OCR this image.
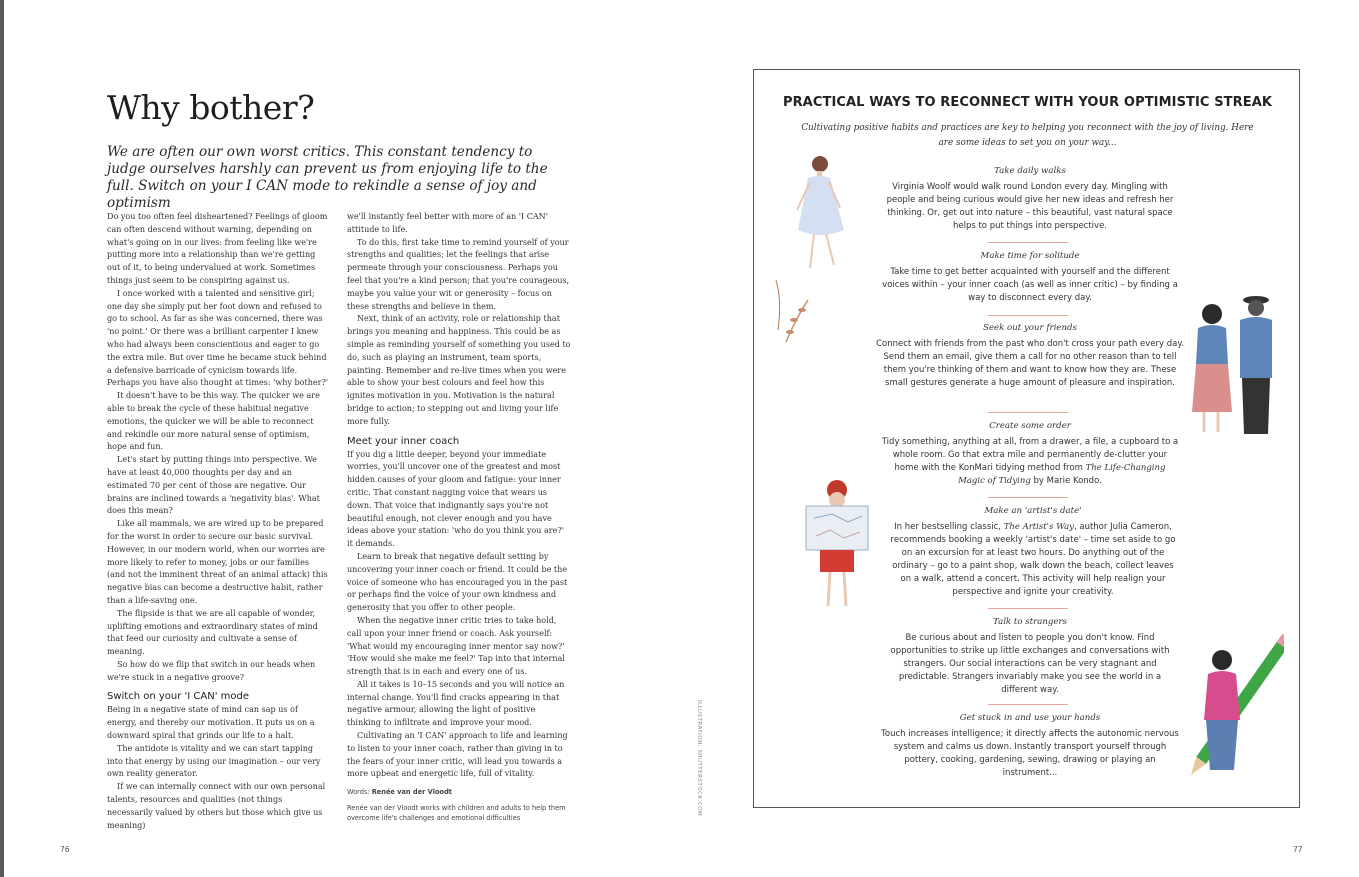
Why bother?
We are often our own worst critics. This constant tendency to judge ourselves harshly can prevent us from enjoying life to the full. Switch on your I CAN mode to rekindle a sense of joy and optimism

Do you too often feel disheartened? Feelings of gloom can often descend without warning, depending on what's going on in our lives: from feeling like we're putting more into a relationship than we're getting out of it, to being undervalued at work. Sometimes things just seem to be conspiring against us.

I once worked with a talented and sensitive girl; one day she simply put her foot down and refused to go to school. As far as she was concerned, there was 'no point.' Or there was a brilliant carpenter I knew who had always been conscientious and eager to go the extra mile. But over time he became stuck behind a defensive barricade of cynicism towards life. Perhaps you have also thought at times: 'why bother?'

It doesn't have to be this way. The quicker we are able to break the cycle of these habitual negative emotions, the quicker we will be able to reconnect and rekindle our more natural sense of optimism, hope and fun.

Let's start by putting things into perspective. We have at least 40,000 thoughts per day and an estimated 70 per cent of those are negative. Our brains are inclined towards a 'negativity bias'. What does this mean?

Like all mammals, we are wired up to be prepared for the worst in order to secure our basic survival. However, in our modern world, when our worries are more likely to refer to money, jobs or our families (and not the imminent threat of an animal attack) this negative bias can become a destructive habit, rather than a life-saving one.

The flipside is that we are all capable of wonder, uplifting emotions and extraordinary states of mind that feed our curiosity and cultivate a sense of meaning.

So how do we flip that switch in our heads when we're stuck in a negative groove?

Switch on your 'I CAN' mode

Being in a negative state of mind can sap us of energy, and thereby our motivation. It puts us on a downward spiral that grinds our life to a halt.

The antidote is vitality and we can start tapping into that energy by using our imagination – our very own reality generator.

If we can internally connect with our own personal talents, resources and qualities (not things necessarily valued by others but those which give us meaning)

we'll instantly feel better with more of an 'I CAN' attitude to life.

To do this, first take time to remind yourself of your strengths and qualities; let the feelings that arise permeate through your consciousness. Perhaps you feel that you're a kind person; that you're courageous, maybe you value your wit or generosity – focus on these strengths and believe in them.

Next, think of an activity, role or relationship that brings you meaning and happiness. This could be as simple as reminding yourself of something you used to do, such as playing an instrument, team sports, painting. Remember and re-live times when you were able to show your best colours and feel how this ignites motivation in you. Motivation is the natural bridge to action; to stepping out and living your life more fully.

Meet your inner coach

If you dig a little deeper, beyond your immediate worries, you'll uncover one of the greatest and most hidden causes of your gloom and fatigue: your inner critic. That constant nagging voice that wears us down. That voice that indignantly says you're not beautiful enough, not clever enough and you have ideas above your station: 'who do you think you are?' it demands.

Learn to break that negative default setting by uncovering your inner coach or friend. It could be the voice of someone who has encouraged you in the past or perhaps find the voice of your own kindness and generosity that you offer to other people.

When the negative inner critic tries to take hold, call upon your inner friend or coach. Ask yourself: 'What would my encouraging inner mentor say now?' 'How would she make me feel?' Tap into that internal strength that is in each and every one of us.

All it takes is 10–15 seconds and you will notice an internal change. You'll find cracks appearing in that negative armour, allowing the light of positive thinking to infiltrate and improve your mood.

Cultivating an 'I CAN' approach to life and learning to listen to your inner coach, rather than giving in to the fears of your inner critic, will lead you towards a more upbeat and energetic life, full of vitality.

Words: Renée van der Vloodt
Renée van der Vloodt works with children and adults to help them overcome life's challenges and emotional difficulties
76
ILLUSTRATION: SHUTTERSTOCK.COM
PRACTICAL WAYS TO RECONNECT WITH YOUR OPTIMISTIC STREAK
Cultivating positive habits and practices are key to helping you reconnect with the joy of living. Here are some ideas to set you on your way...
Take daily walks
Virginia Woolf would walk round London every day. Mingling with people and being curious would give her new ideas and refresh her thinking. Or, get out into nature – this beautiful, vast natural space helps to put things into perspective.
Make time for solitude
Take time to get better acquainted with yourself and the different voices within – your inner coach (as well as inner critic) – by finding a way to disconnect every day.
Seek out your friends
Connect with friends from the past who don't cross your path every day. Send them an email, give them a call for no other reason than to tell them you're thinking of them and want to know how they are. These small gestures generate a huge amount of pleasure and inspiration.
Create some order
Tidy something, anything at all, from a drawer, a file, a cupboard to a whole room. Go that extra mile and permanently de-clutter your home with the KonMari tidying method from The Life-Changing Magic of Tidying by Marie Kondo.
Make an 'artist's date'
In her bestselling classic, The Artist's Way, author Julia Cameron, recommends booking a weekly 'artist's date' – time set aside to go on an excursion for at least two hours. Do anything out of the ordinary – go to a paint shop, walk down the beach, collect leaves on a walk, attend a concert. This activity will help realign your perspective and ignite your creativity.
Talk to strangers
Be curious about and listen to people you don't know. Find opportunities to strike up little exchanges and conversations with strangers. Our social interactions can be very stagnant and predictable. Strangers invariably make you see the world in a different way.
Get stuck in and use your hands
Touch increases intelligence; it directly affects the autonomic nervous system and calms us down. Instantly transport yourself through pottery, cooking, gardening, sewing, drawing or playing an instrument...
77
